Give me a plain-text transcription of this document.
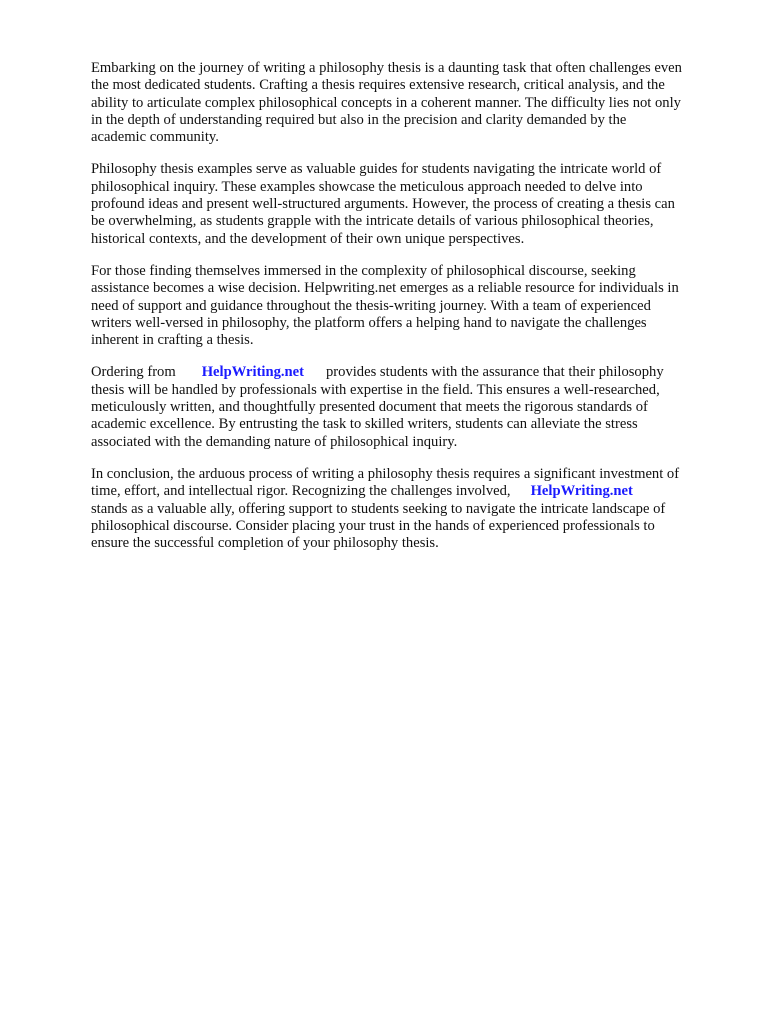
Embarking on the journey of writing a philosophy thesis is a daunting task that often challenges even
the most dedicated students. Crafting a thesis requires extensive research, critical analysis, and the
ability to articulate complex philosophical concepts in a coherent manner. The difficulty lies not only
in the depth of understanding required but also in the precision and clarity demanded by the
academic community.

Philosophy thesis examples serve as valuable guides for students navigating the intricate world of
philosophical inquiry. These examples showcase the meticulous approach needed to delve into
profound ideas and present well-structured arguments. However, the process of creating a thesis can
be overwhelming, as students grapple with the intricate details of various philosophical theories,
historical contexts, and the development of their own unique perspectives.

For those finding themselves immersed in the complexity of philosophical discourse, seeking
assistance becomes a wise decision. Helpwriting.net emerges as a reliable resource for individuals in
need of support and guidance throughout the thesis-writing journey. With a team of experienced
writers well-versed in philosophy, the platform offers a helping hand to navigate the challenges
inherent in crafting a thesis.

Ordering from HelpWriting.net provides students with the assurance that their philosophy
thesis will be handled by professionals with expertise in the field. This ensures a well-researched,
meticulously written, and thoughtfully presented document that meets the rigorous standards of
academic excellence. By entrusting the task to skilled writers, students can alleviate the stress
associated with the demanding nature of philosophical inquiry.

In conclusion, the arduous process of writing a philosophy thesis requires a significant investment of
time, effort, and intellectual rigor. Recognizing the challenges involved, HelpWriting.net
stands as a valuable ally, offering support to students seeking to navigate the intricate landscape of
philosophical discourse. Consider placing your trust in the hands of experienced professionals to
ensure the successful completion of your philosophy thesis.
